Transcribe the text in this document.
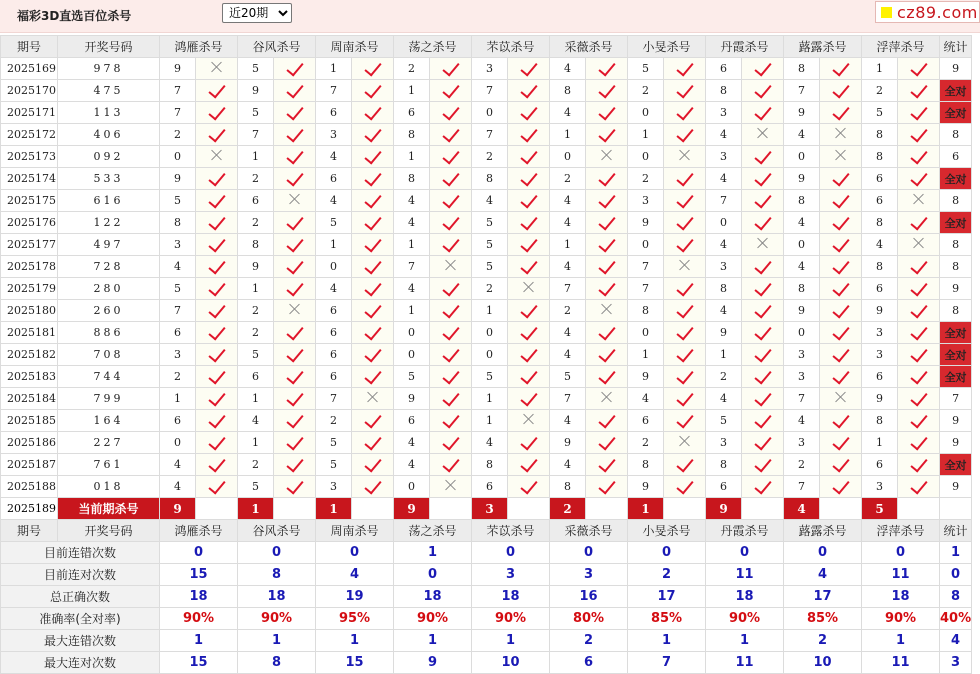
福彩3D直选百位杀号
近20期	cz89.com
期号	开奖号码	鸿雁杀号		谷风杀号		周南杀号		荡之杀号		芣苡杀号		采薇杀号		小旻杀号		丹霞杀号		蕗露杀号		浮萍杀号		统计
2025169	978	9		5		1		2		3		4		5		6		8		1		9
2025170	475	7		9		7		1		7		8		2		8		7		2		全对
2025171	113	7		5		6		6		0		4		0		3		9		5		全对
2025172	406	2		7		3		8		7		1		1		4		4		8		8
2025173	092	0		1		4		1		2		0		0		3		0		8		6
2025174	533	9		2		6		8		8		2		2		4		9		6		全对
2025175	616	5		6		4		4		4		4		3		7		8		6		8
2025176	122	8		2		5		4		5		4		9		0		4		8		全对
2025177	497	3		8		1		1		5		1		0		4		0		4		8
2025178	728	4		9		0		7		5		4		7		3		4		8		8
2025179	280	5		1		4		4		2		7		7		8		8		6		9
2025180	260	7		2		6		1		1		2		8		4		9		9		8
2025181	886	6		2		6		0		0		4		0		9		0		3		全对
2025182	708	3		5		6		0		0		4		1		1		3		3		全对
2025183	744	2		6		6		5		5		5		9		2		3		6		全对
2025184	799	1		1		7		9		1		7		4		4		7		9		7
2025185	164	6		4		2		6		1		4		6		5		4		8		9
2025186	227	0		1		5		4		4		9		2		3		3		1		9
2025187	761	4		2		5		4		8		4		8		8		2		6		全对
2025188	018	4		5		3		0		6		8		9		6		7		3		9
2025189	当前期杀号	9		1		1		9		3		2		1		9		4		5		
期号	开奖号码	鸿雁杀号		谷风杀号		周南杀号		荡之杀号		芣苡杀号		采薇杀号		小旻杀号		丹霞杀号		蕗露杀号		浮萍杀号		统计
目前连错次数		0		0		0		1		0		0		0		0		0		0		1
目前连对次数		15		8		4		0		3		3		2		11		4		11		0
总正确次数		18		18		19		18		18		16		17		18		17		18		8
准确率(全对率)		90%		90%		95%		90%		90%		80%		85%		90%		85%		90%		40%
最大连错次数		1		1		1		1		1		2		1		1		2		1		4
最大连对次数		15		8		15		9		10		6		7		11		10		11		3
